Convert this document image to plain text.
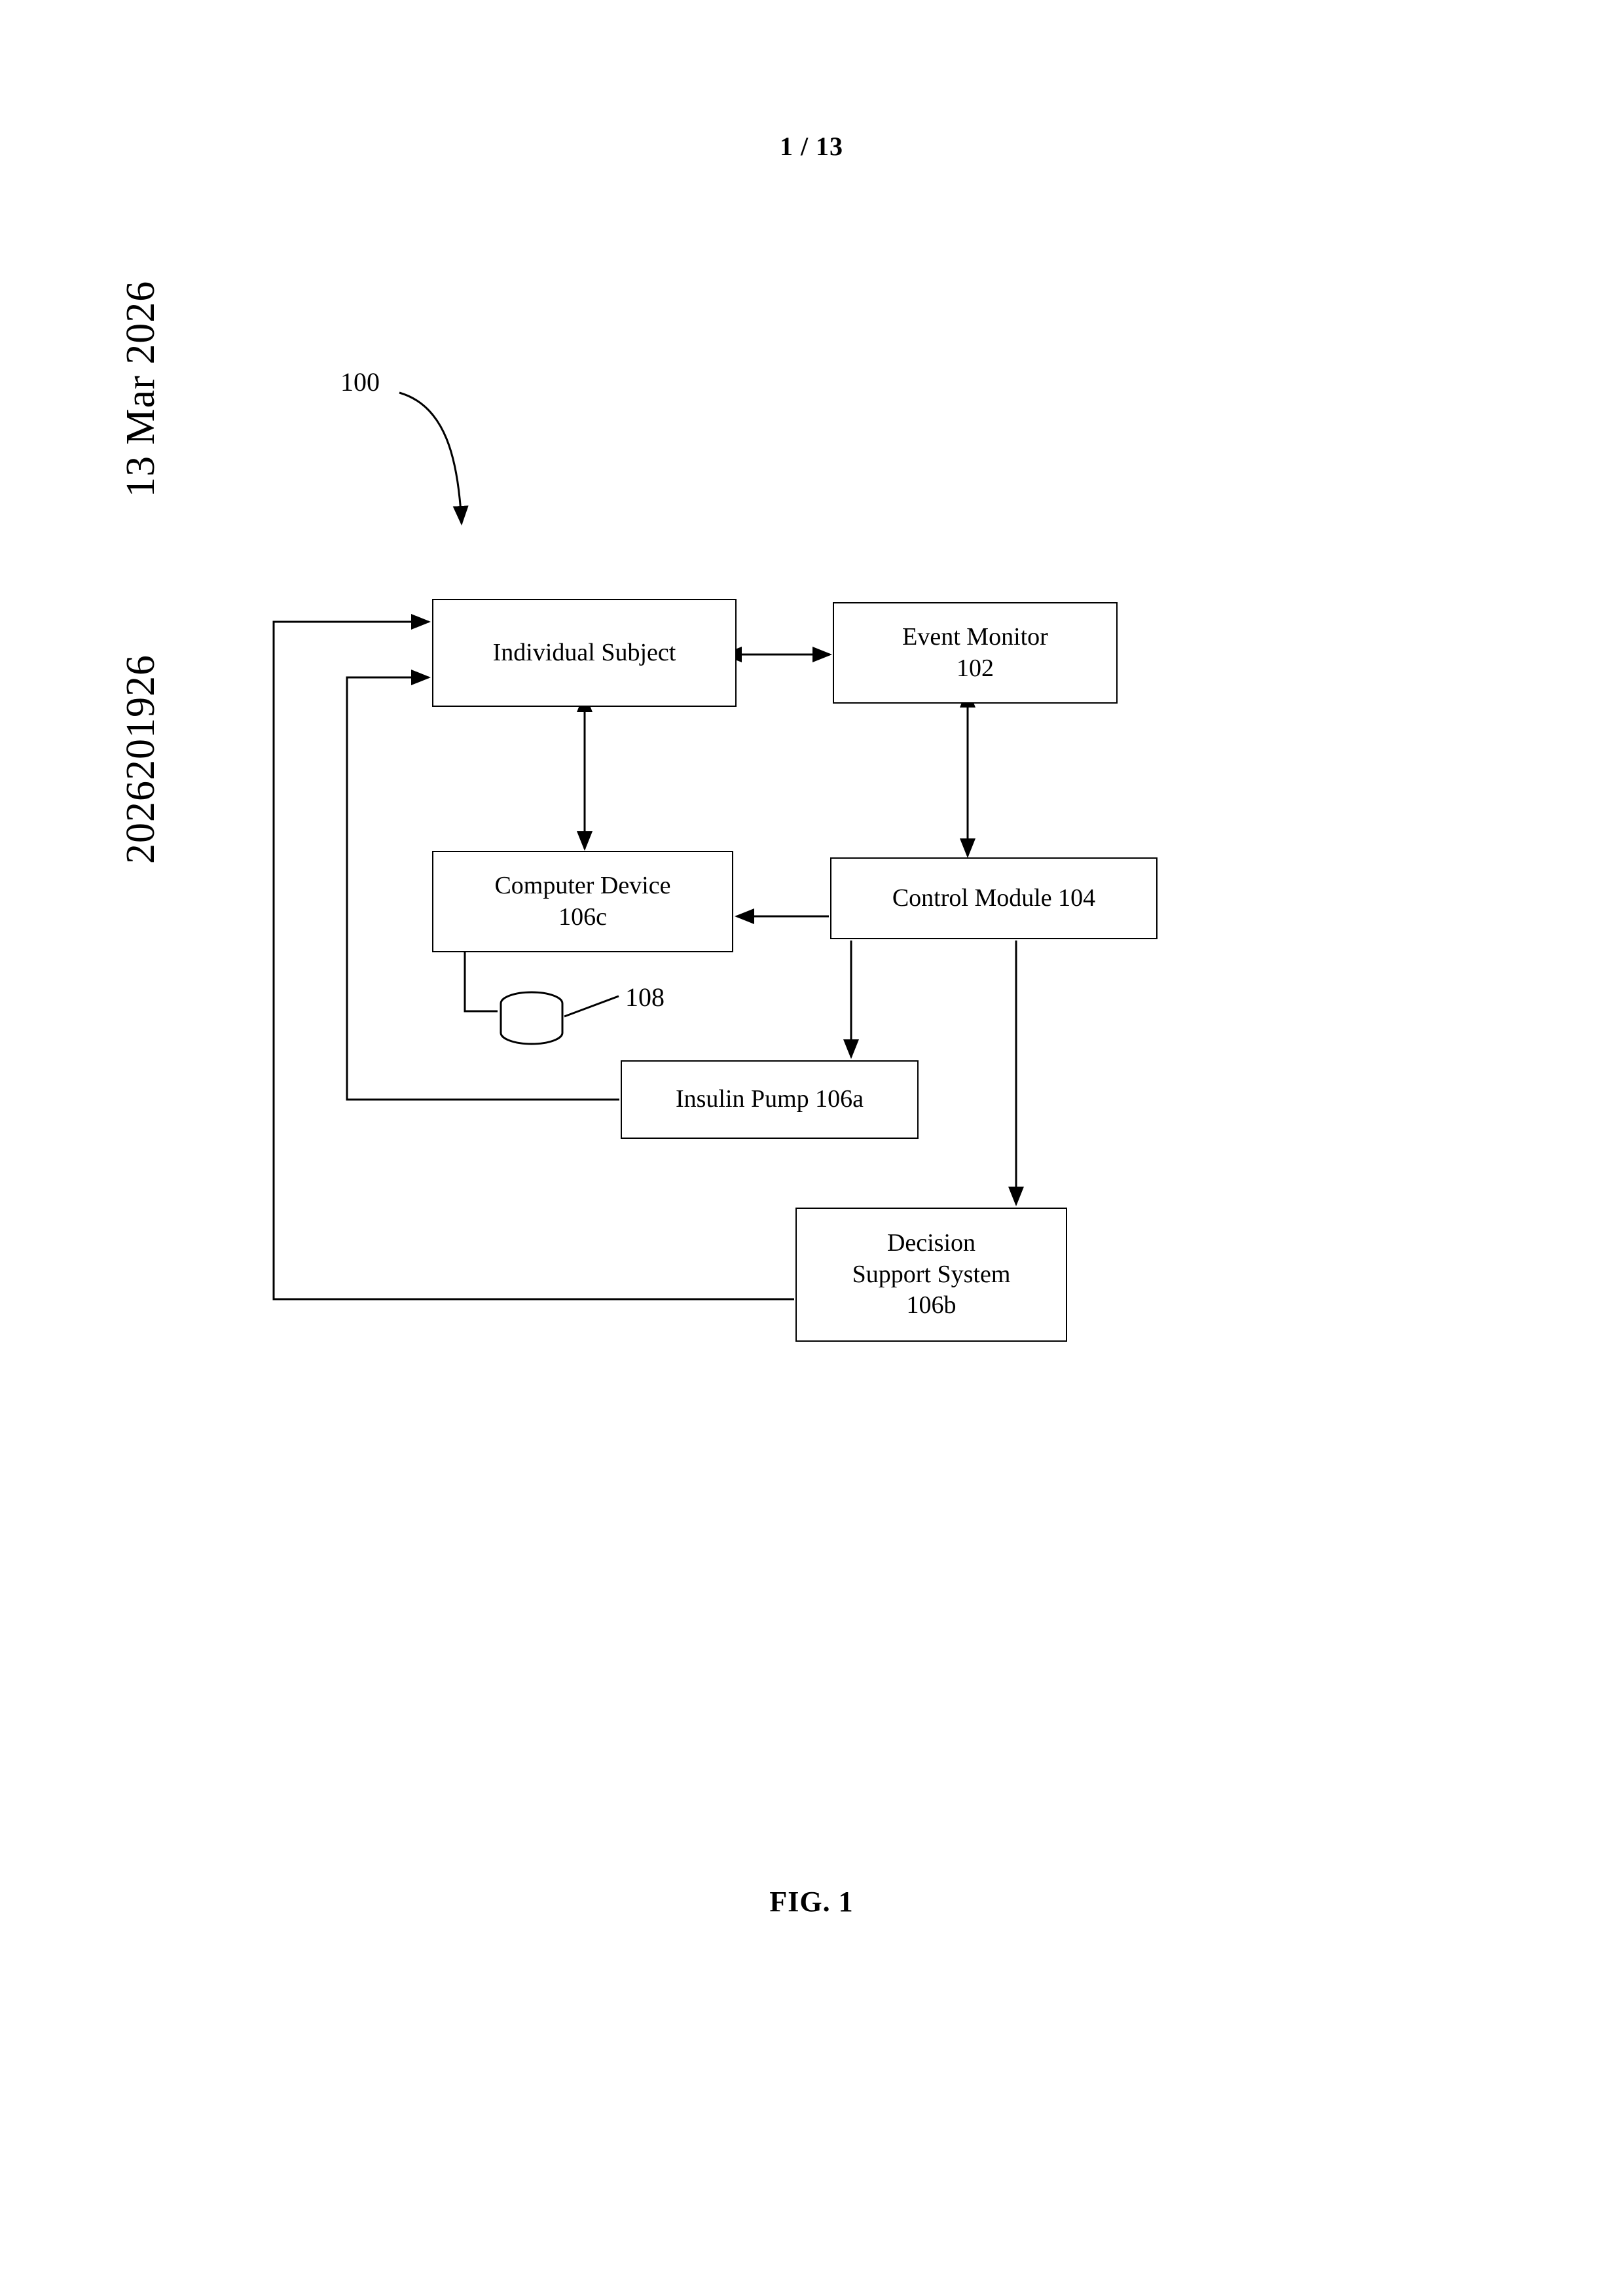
1 / 13
13 Mar 2026
2026201926
100
108
Individual Subject
Event Monitor
102
Computer Device
106c
Control Module 104
Insulin Pump 106a
Decision
Support System
106b
FIG. 1
